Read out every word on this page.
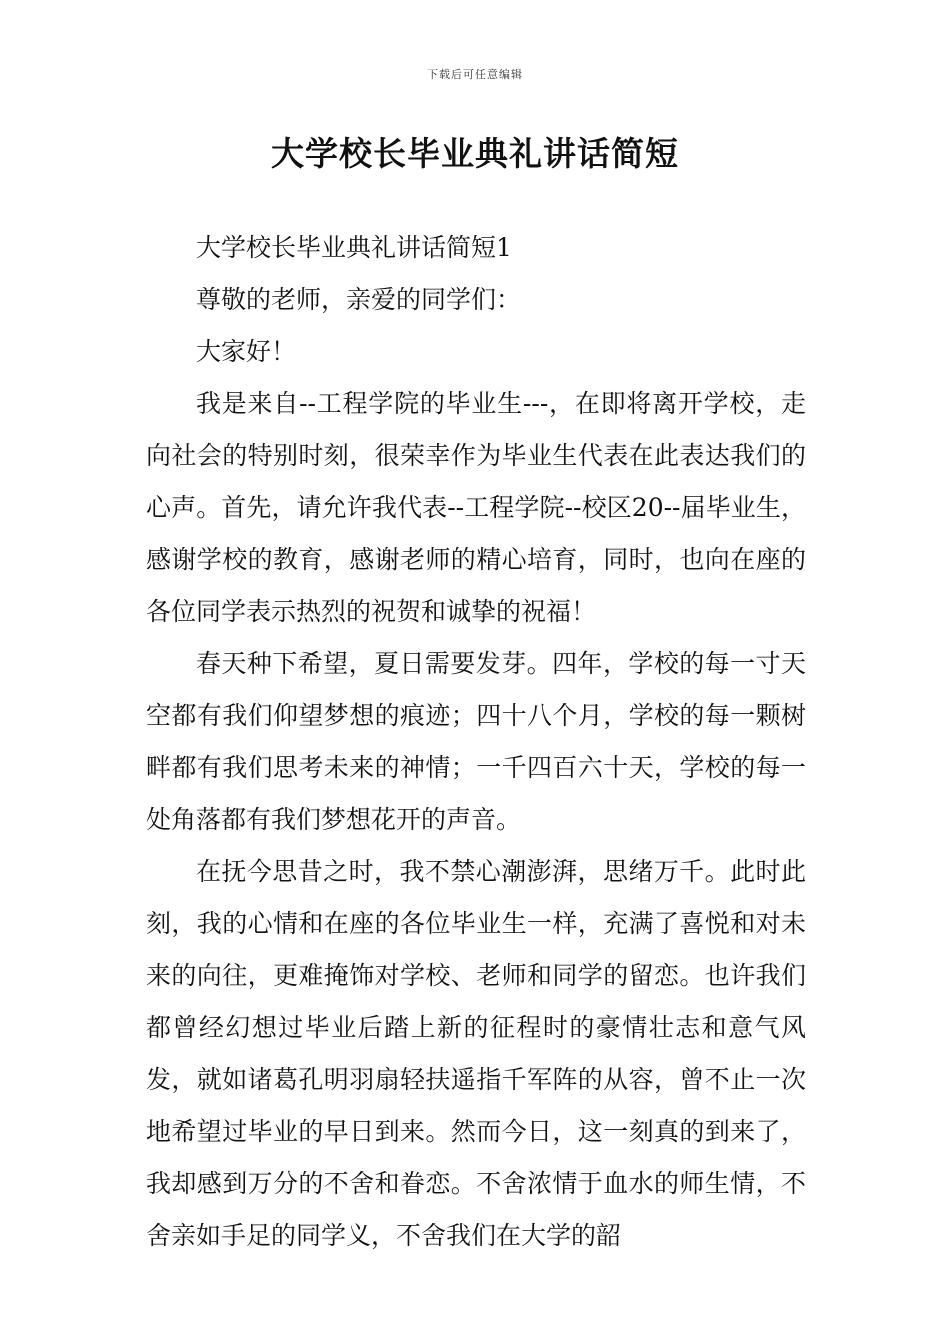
下载后可任意编辑
大学校长毕业典礼讲话简短

大学校长毕业典礼讲话简短1

尊敬的老师，亲爱的同学们：

大家好！

我是来自--工程学院的毕业生---，在即将离开学校，走向社会的特别时刻，很荣幸作为毕业生代表在此表达我们的心声。首先，请允许我代表--工程学院--校区20--届毕业生，感谢学校的教育，感谢老师的精心培育，同时，也向在座的各位同学表示热烈的祝贺和诚挚的祝福！

春天种下希望，夏日需要发芽。四年，学校的每一寸天空都有我们仰望梦想的痕迹；四十八个月，学校的每一颗树畔都有我们思考未来的神情；一千四百六十天，学校的每一处角落都有我们梦想花开的声音。

在抚今思昔之时，我不禁心潮澎湃，思绪万千。此时此刻，我的心情和在座的各位毕业生一样，充满了喜悦和对未来的向往，更难掩饰对学校、老师和同学的留恋。也许我们都曾经幻想过毕业后踏上新的征程时的豪情壮志和意气风发，就如诸葛孔明羽扇轻扶遥指千军阵的从容，曾不止一次地希望过毕业的早日到来。然而今日，这一刻真的到来了，我却感到万分的不舍和眷恋。不舍浓情于血水的师生情，不舍亲如手足的同学义，不舍我们在大学的韶
